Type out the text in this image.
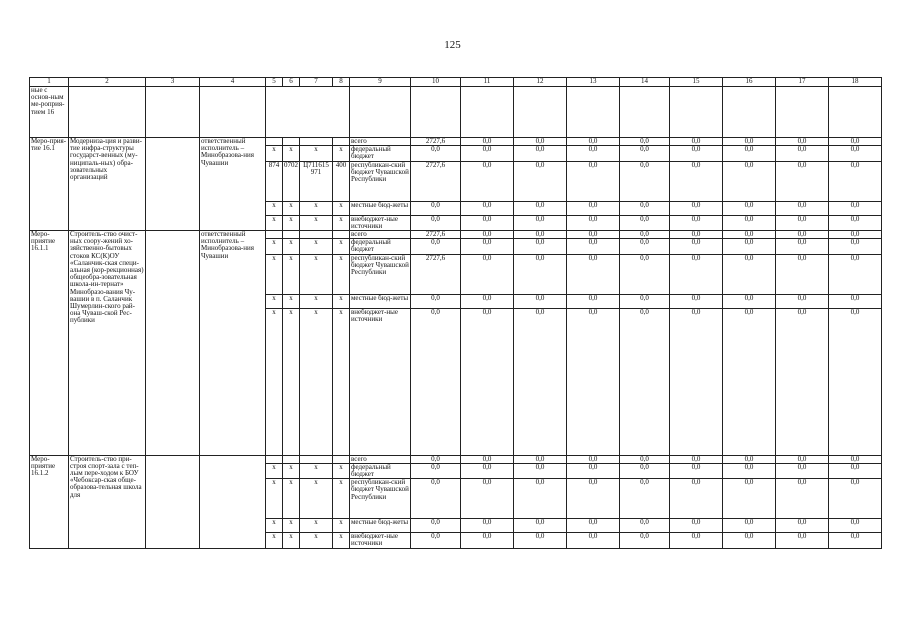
125
1	2	3	4	5	6	7	8	9	10	11	12	13	14	15	16	17	18
ные с основ-ным ме-роприя-тием 16																	
Меро-прия-тие 16.1	Модерниза-ция и разви-тие инфра-структуры государст-венных (му-ниципаль-ных) обра-зовательных организаций		ответственный исполнитель – Минобразова-ния Чувашии					всего	2727,6	0,0	0,0	0,0	0,0	0,0	0,0	0,0	0,0
				x	x	x	x	федеральный бюджет	0,0	0,0	0,0	0,0	0,0	0,0	0,0	0,0	0,0
				874	0702	Ц711615 971	400	республикан-ский бюджет Чувашской Республики	2727,6	0,0	0,0	0,0	0,0	0,0	0,0	0,0	0,0
				x	x	x	x	местные бюд-жеты	0,0	0,0	0,0	0,0	0,0	0,0	0,0	0,0	0,0
				x	x	x	x	внебюджет-ные источники	0,0	0,0	0,0	0,0	0,0	0,0	0,0	0,0	0,0
Меро-приятие 16.1.1	Строитель-ство очист-ных соору-жений хо-зяйственно-бытовых стоков КС(К)ОУ «Саланчик-ская специ-альная (кор-рекционная) общеобра-зовательная школа-ин-тернат» Минобразо-вания Чу-вашии в п. Саланчик Шумерлин-ского рай-она Чуваш-ской Рес-публики		ответственный исполнитель – Минобразова-ния Чувашии					всего	2727,6	0,0	0,0	0,0	0,0	0,0	0,0	0,0	0,0
				x	x	x	x	федеральный бюджет	0,0	0,0	0,0	0,0	0,0	0,0	0,0	0,0	0,0
				x	x	x	x	республикан-ский бюджет Чувашской Республики	2727,6	0,0	0,0	0,0	0,0	0,0	0,0	0,0	0,0
				x	x	x	x	местные бюд-жеты	0,0	0,0	0,0	0,0	0,0	0,0	0,0	0,0	0,0
				x	x	x	x	внебюджет-ные источники	0,0	0,0	0,0	0,0	0,0	0,0	0,0	0,0	0,0
Меро-приятие 16.1.2	Строитель-ство при-строя спорт-зала с теп-лым пере-ходом к БОУ «Чебоксар-ская обще-образова-тельная школа для							всего	0,0	0,0	0,0	0,0	0,0	0,0	0,0	0,0	0,0
				x	x	x	x	федеральный бюджет	0,0	0,0	0,0	0,0	0,0	0,0	0,0	0,0	0,0
				x	x	x	x	республикан-ский бюджет Чувашской Республики	0,0	0,0	0,0	0,0	0,0	0,0	0,0	0,0	0,0
				x	x	x	x	местные бюд-жеты	0,0	0,0	0,0	0,0	0,0	0,0	0,0	0,0	0,0
				x	x	x	x	внебюджет-ные источники	0,0	0,0	0,0	0,0	0,0	0,0	0,0	0,0	0,0
